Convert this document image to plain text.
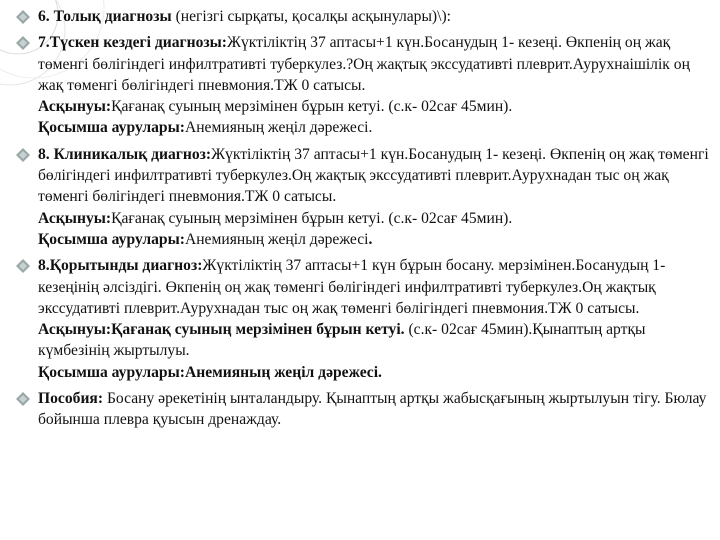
6. Толық диагнозы (негізгі сырқаты, қосалқы асқынулары)\):
7.Түскен кездегі диагнозы:Жүктіліктің 37 аптасы+1 күн.Босанудың 1- кезеңі. Өкпенің оң жақ төменгі бөлігіндегі инфилтративті туберкулез.?Оң жақтық экссудативті плеврит.Аурухнаішілік оң жақ төменгі бөлігіндегі пневмония.ТЖ 0 сатысы.
Асқынуы:Қағанақ суының мерзімінен бұрын кетуі. (с.к- 02сағ 45мин).
Қосымша аурулары:Анемияның жеңіл дәрежесі.
8. Клиникалық диагноз:Жүктіліктің 37 аптасы+1 күн.Босанудың 1- кезеңі. Өкпенің оң жақ төменгі бөлігіндегі инфилтративті туберкулез.Оң жақтық экссудативті плеврит.Аурухнадан тыс оң жақ төменгі бөлігіндегі пневмония.ТЖ 0 сатысы.
Асқынуы:Қағанақ суының мерзімінен бұрын кетуі. (с.к- 02сағ 45мин).
Қосымша аурулары:Анемияның жеңіл дәрежесі.
8.Қорытынды диагноз:Жүктіліктің 37 аптасы+1 күн бұрын босану. мерзімінен.Босанудың 1- кезеңінің әлсіздігі. Өкпенің оң жақ төменгі бөлігіндегі инфилтративті туберкулез.Оң жақтық экссудативті плеврит.Аурухнадан тыс оң жақ төменгі бөлігіндегі пневмония.ТЖ 0 сатысы.
Асқынуы:Қағанақ суының мерзімінен бұрын кетуі. (с.к- 02сағ 45мин).Қынаптың артқы күмбезінің жыртылуы.
Қосымша аурулары:Анемияның жеңіл дәрежесі.
Пособия: Босану әрекетінің ынталандыру. Қынаптың артқы жабысқағының жыртылуын тігу. Бюлау бойынша плевра қуысын дренаждау.
